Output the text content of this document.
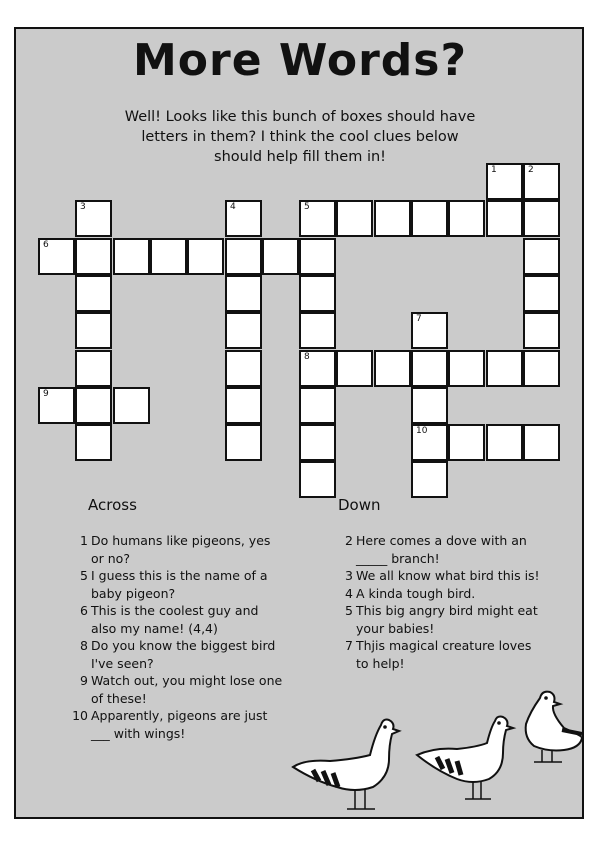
More Words?
Well! Looks like this bunch of boxes should have letters in them? I think the cool clues below should help fill them in!
1	2
3	4	5
6
7
8
9
10
Across
1 Do humans like pigeons, yes or no?
5 I guess this is the name of a baby pigeon?
6 This is the coolest guy and also my name! (4,4)
8 Do you know the biggest bird I've seen?
9 Watch out, you might lose one of these!
10 Apparently, pigeons are just ___ with wings!
Down
2 Here comes a dove with an _____ branch!
3 We all know what bird this is!
4 A kinda tough bird.
5 This big angry bird might eat your babies!
7 Thjis magical creature loves to help!
